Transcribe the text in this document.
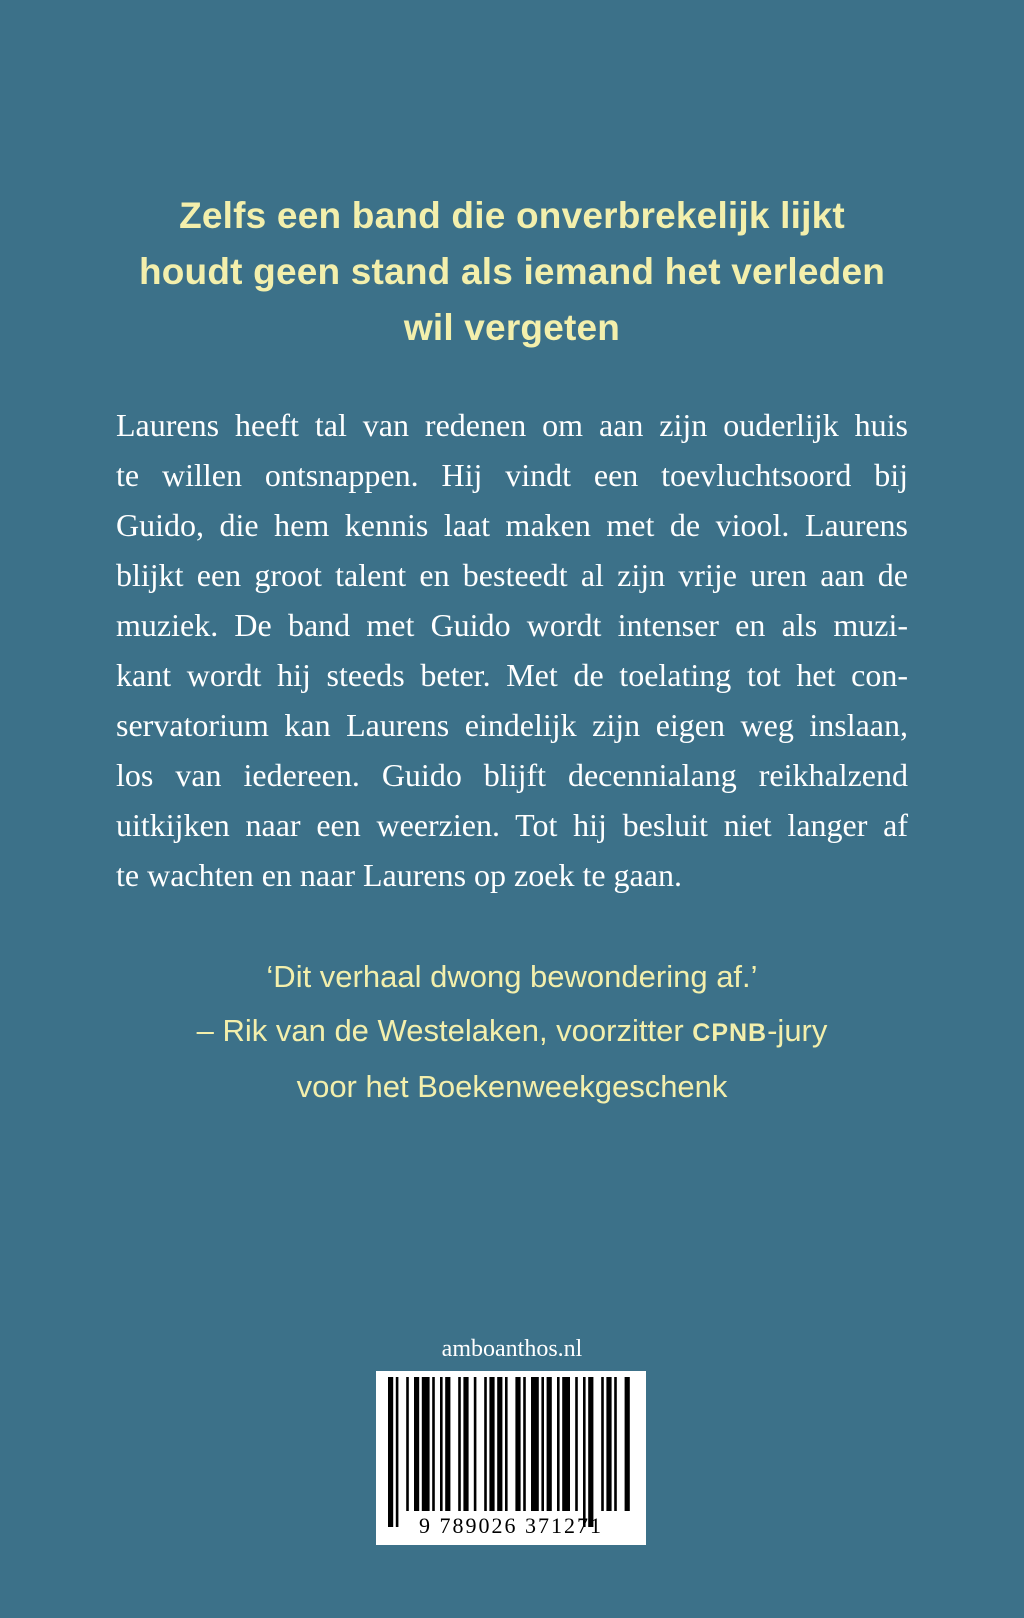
Zelfs een band die onverbrekelijk lijkt
houdt geen stand als iemand het verleden
wil vergeten
Laurens heeft tal van redenen om aan zijn ouderlijk huis
te willen ontsnappen. Hij vindt een toevluchtsoord bij
Guido, die hem kennis laat maken met de viool. Laurens
blijkt een groot talent en besteedt al zijn vrije uren aan de
muziek. De band met Guido wordt intenser en als muzi-
kant wordt hij steeds beter. Met de toelating tot het con-
servatorium kan Laurens eindelijk zijn eigen weg inslaan,
los van iedereen. Guido blijft decennialang reikhalzend
uitkijken naar een weerzien. Tot hij besluit niet langer af
te wachten en naar Laurens op zoek te gaan.
‘Dit verhaal dwong bewondering af.’
– Rik van de Westelaken, voorzitter CPNB-jury
voor het Boekenweekgeschenk
amboanthos.nl
9 789026 371271
